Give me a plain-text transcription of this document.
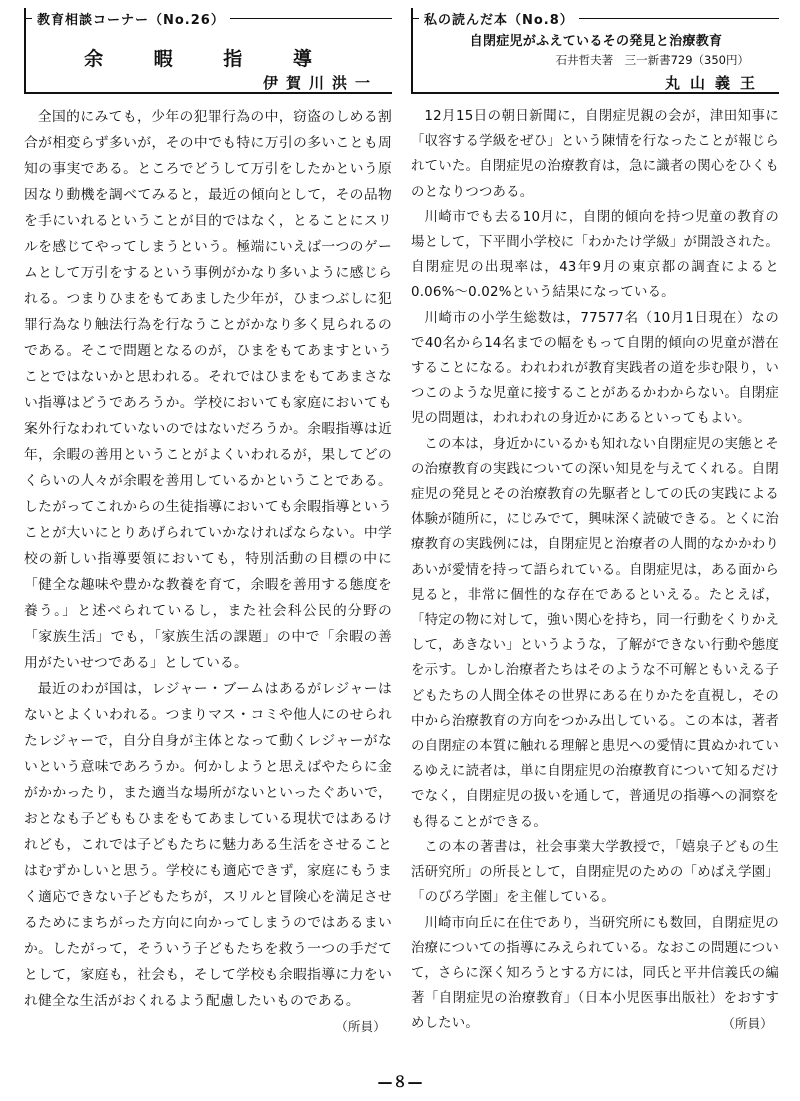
教育相談コーナー（No.26）
余 暇 指 導
伊賀川洪一

全国的にみても，少年の犯罪行為の中，窃盗のしめる割合が相変らず多いが，その中でも特に万引の多いことも周知の事実である。ところでどうして万引をしたかという原因なり動機を調べてみると，最近の傾向として，その品物を手にいれるということが目的ではなく，とることにスリルを感じてやってしまうという。極端にいえば一つのゲームとして万引をするという事例がかなり多いように感じられる。つまりひまをもてあました少年が，ひまつぶしに犯罪行為なり触法行為を行なうことがかなり多く見られるのである。そこで問題となるのが，ひまをもてあますということではないかと思われる。それではひまをもてあまさない指導はどうであろうか。学校においても家庭においても案外行なわれていないのではないだろうか。余暇指導は近年，余暇の善用ということがよくいわれるが，果してどのくらいの人々が余暇を善用しているかということである。したがってこれからの生徒指導においても余暇指導ということが大いにとりあげられていかなければならない。中学校の新しい指導要領においても，特別活動の目標の中に「健全な趣味や豊かな教養を育て，余暇を善用する態度を養う。」と述べられているし，また社会科公民的分野の「家族生活」でも，「家族生活の課題」の中で「余暇の善用がたいせつである」としている。

最近のわが国は，レジャー・ブームはあるがレジャーはないとよくいわれる。つまりマス・コミや他人にのせられたレジャーで，自分自身が主体となって動くレジャーがないという意味であろうか。何かしようと思えばやたらに金がかかったり，また適当な場所がないといったぐあいで，おとなも子どももひまをもてあましている現状ではあるけれども，これでは子どもたちに魅力ある生活をさせることはむずかしいと思う。学校にも適応できず，家庭にもうまく適応できない子どもたちが，スリルと冒険心を満足させるためにまちがった方向に向かってしまうのではあるまいか。したがって，そういう子どもたちを救う一つの手だてとして，家庭も，社会も，そして学校も余暇指導に力をいれ健全な生活がおくれるよう配慮したいものである。
（所員）

私の読んだ本（No.8）
自閉症児がふえているその発見と治療教育
石井哲夫著　三一新書729（350円）
丸山義王

12月15日の朝日新聞に，自閉症児親の会が，津田知事に「収容する学級をぜひ」という陳情を行なったことが報じられていた。自閉症児の治療教育は，急に識者の関心をひくものとなりつつある。

川崎市でも去る10月に，自閉的傾向を持つ児童の教育の場として，下平間小学校に「わかたけ学級」が開設された。自閉症児の出現率は，43年9月の東京都の調査によると0.06%〜0.02%という結果になっている。

川崎市の小学生総数は，77577名（10月1日現在）なので40名から14名までの幅をもって自閉的傾向の児童が潜在することになる。われわれが教育実践者の道を歩む限り，いつこのような児童に接することがあるかわからない。自閉症児の問題は，われわれの身近かにあるといってもよい。

この本は，身近かにいるかも知れない自閉症児の実態とその治療教育の実践についての深い知見を与えてくれる。自閉症児の発見とその治療教育の先駆者としての氏の実践による体験が随所に，にじみでて，興味深く読破できる。とくに治療教育の実践例には，自閉症児と治療者の人間的なかかわりあいが愛情を持って語られている。自閉症児は，ある面から見ると，非常に個性的な存在であるといえる。たとえば，「特定の物に対して，強い関心を持ち，同一行動をくりかえして，あきない」というような，了解ができない行動や態度を示す。しかし治療者たちはそのような不可解ともいえる子どもたちの人間全体その世界にある在りかたを直視し，その中から治療教育の方向をつかみ出している。この本は，著者の自閉症の本質に触れる理解と患児への愛情に貫ぬかれているゆえに読者は，単に自閉症児の治療教育について知るだけでなく，自閉症児の扱いを通して，普通児の指導への洞察をも得ることができる。

この本の著書は，社会事業大学教授で，「嬉泉子どもの生活研究所」の所長として，自閉症児のための「めばえ学園」「のびろ学園」を主催している。

川崎市向丘に在住であり，当研究所にも数回，自閉症児の治療についての指導にみえられている。なおこの問題について，さらに深く知ろうとする方には，同氏と平井信義氏の編著「自閉症児の治療教育」（日本小児医事出版社）をおすすめしたい。	（所員）

—８—
